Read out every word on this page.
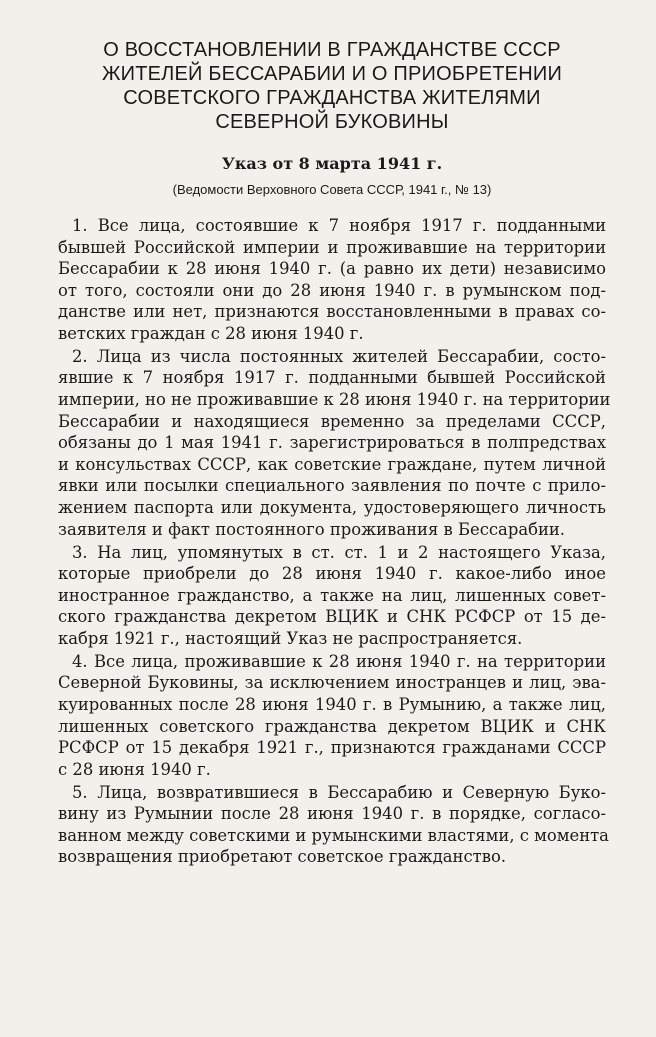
О ВОССТАНОВЛЕНИИ В ГРАЖДАНСТВЕ СССР
ЖИТЕЛЕЙ БЕССАРАБИИ И О ПРИОБРЕТЕНИИ
СОВЕТСКОГО ГРАЖДАНСТВА ЖИТЕЛЯМИ
СЕВЕРНОЙ БУКОВИНЫ
Указ от 8 марта 1941 г.
(Ведомости Верховного Совета СССР, 1941 г., № 13)
1. Все лица, состоявшие к 7 ноября 1917 г. подданными
бывшей Российской империи и проживавшие на территории
Бессарабии к 28 июня 1940 г. (а равно их дети) независимо
от того, состояли они до 28 июня 1940 г. в румынском под-
данстве или нет, признаются восстановленными в правах со-
ветских граждан с 28 июня 1940 г.
2. Лица из числа постоянных жителей Бессарабии, состо-
явшие к 7 ноября 1917 г. подданными бывшей Российской
империи, но не проживавшие к 28 июня 1940 г. на территории
Бессарабии и находящиеся временно за пределами СССР,
обязаны до 1 мая 1941 г. зарегистрироваться в полпредствах
и консульствах СССР, как советские граждане, путем личной
явки или посылки специального заявления по почте с прило-
жением паспорта или документа, удостоверяющего личность
заявителя и факт постоянного проживания в Бессарабии.
3. На лиц, упомянутых в ст. ст. 1 и 2 настоящего Указа,
которые приобрели до 28 июня 1940 г. какое-либо иное
иностранное гражданство, а также на лиц, лишенных совет-
ского гражданства декретом ВЦИК и СНК РСФСР от 15 де-
кабря 1921 г., настоящий Указ не распространяется.
4. Все лица, проживавшие к 28 июня 1940 г. на территории
Северной Буковины, за исключением иностранцев и лиц, эва-
куированных после 28 июня 1940 г. в Румынию, а также лиц,
лишенных советского гражданства декретом ВЦИК и СНК
РСФСР от 15 декабря 1921 г., признаются гражданами СССР
с 28 июня 1940 г.
5. Лица, возвратившиеся в Бессарабию и Северную Буко-
вину из Румынии после 28 июня 1940 г. в порядке, согласо-
ванном между советскими и румынскими властями, с момента
возвращения приобретают советское гражданство.
